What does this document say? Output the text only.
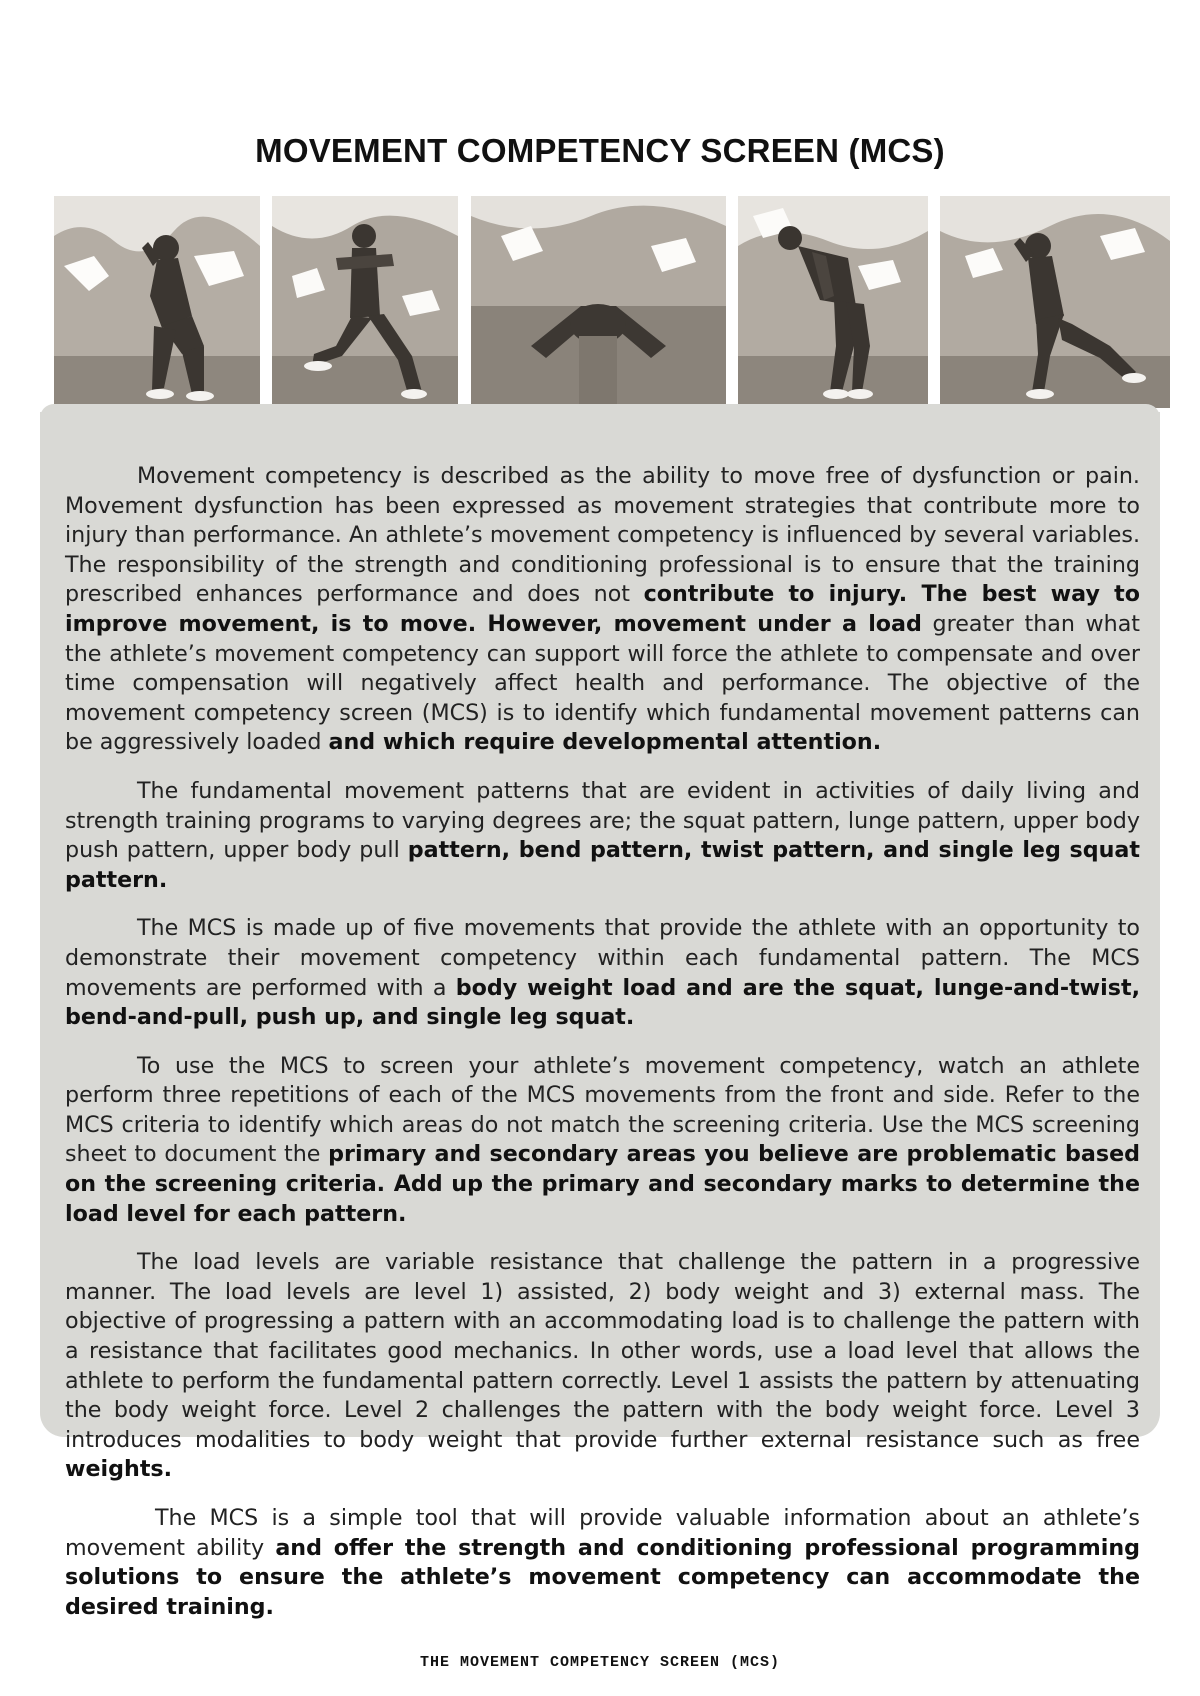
MOVEMENT COMPETENCY SCREEN (MCS)

Movement competency is described as the ability to move free of dysfunction or pain. Movement dysfunction has been expressed as movement strategies that contribute more to injury than performance. An athlete’s movement competency is influenced by several variables. The responsibility of the strength and conditioning professional is to ensure that the training prescribed enhances performance and does not contribute to injury. The best way to improve movement, is to move. However, movement under a load greater than what the athlete’s movement competency can support will force the athlete to compensate and over time compensation will negatively affect health and performance. The objective of the movement competency screen (MCS) is to identify which fundamental movement patterns can be aggressively loaded and which require developmental attention.

The fundamental movement patterns that are evident in activities of daily living and strength training programs to varying degrees are; the squat pattern, lunge pattern, upper body push pattern, upper body pull pattern, bend pattern, twist pattern, and single leg squat pattern.

The MCS is made up of five movements that provide the athlete with an opportunity to demonstrate their movement competency within each fundamental pattern. The MCS movements are performed with a body weight load and are the squat, lunge-and-twist, bend-and-pull, push up, and single leg squat.

To use the MCS to screen your athlete’s movement competency, watch an athlete perform three repetitions of each of the MCS movements from the front and side. Refer to the MCS criteria to identify which areas do not match the screening criteria. Use the MCS screening sheet to document the primary and secondary areas you believe are problematic based on the screening criteria. Add up the primary and secondary marks to determine the load level for each pattern.

The load levels are variable resistance that challenge the pattern in a progressive manner. The load levels are level 1) assisted, 2) body weight and 3) external mass. The objective of progressing a pattern with an accommodating load is to challenge the pattern with a resistance that facilitates good mechanics. In other words, use a load level that allows the athlete to perform the fundamental pattern correctly. Level 1 assists the pattern by attenuating the body weight force. Level 2 challenges the pattern with the body weight force. Level 3 introduces modalities to body weight that provide further external resistance such as free weights.

The MCS is a simple tool that will provide valuable information about an athlete’s movement ability and offer the strength and conditioning professional programming solutions to ensure the athlete’s movement competency can accommodate the desired training.

THE MOVEMENT COMPETENCY SCREEN (MCS)
